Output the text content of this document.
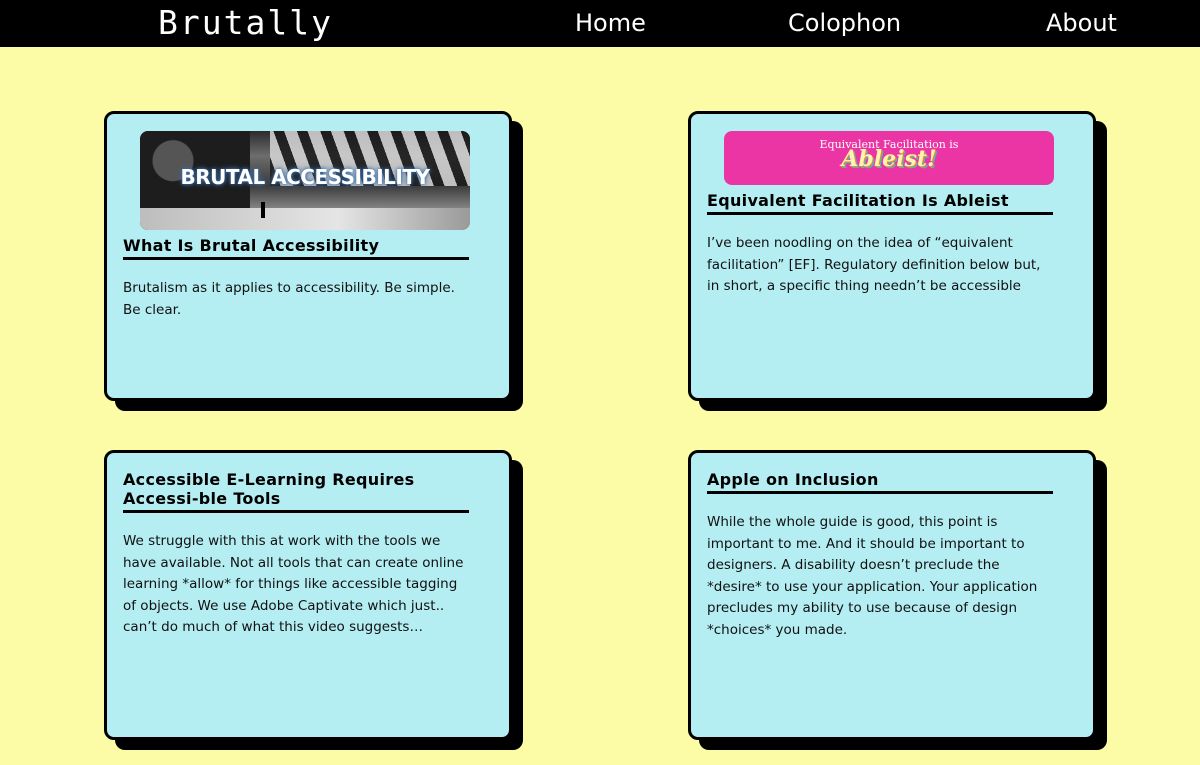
Brutally	Home	Colophon	About
BRUTAL ACCESSIBILITY
What Is Brutal Accessibility

Brutalism as it applies to accessibility. Be simple. Be clear.

Equivalent Facilitation is
Ableist!
Equivalent Facilitation Is Ableist

I’ve been noodling on the idea of “equivalent facilitation” [EF]. Regulatory definition below but, in short, a specific thing needn’t be accessible

Accessible E-Learning Requires Accessi-ble Tools

We struggle with this at work with the tools we have available. Not all tools that can create online learning *allow* for things like accessible tagging of objects. We use Adobe Captivate which just.. can’t do much of what this video suggests…

Apple on Inclusion

While the whole guide is good, this point is important to me. And it should be important to designers. A disability doesn’t preclude the *desire* to use your application. Your application precludes my ability to use because of design *choices* you made.
